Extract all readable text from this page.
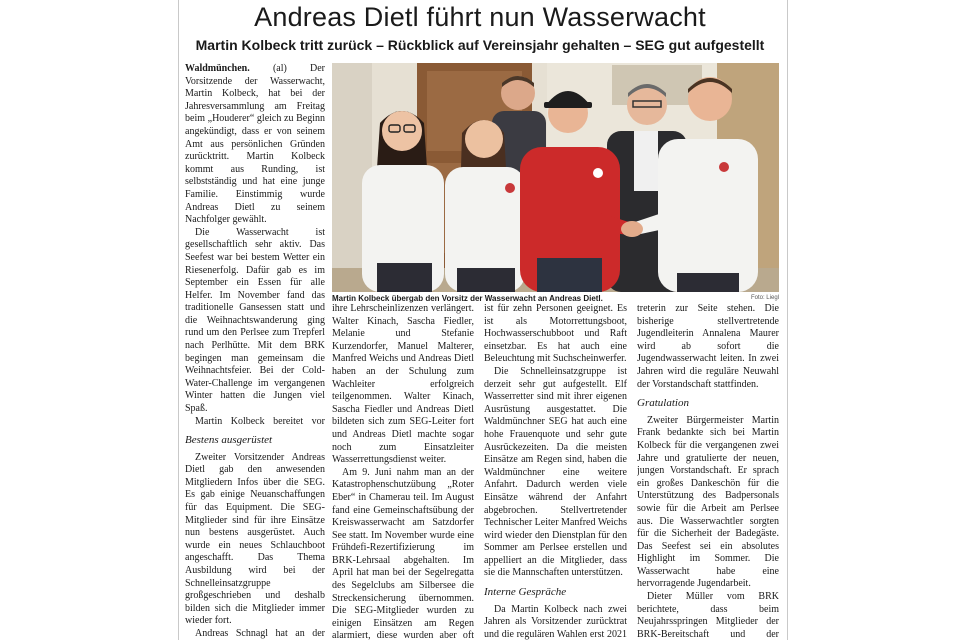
Andreas Dietl führt nun Wasserwacht
Martin Kolbeck tritt zurück – Rückblick auf Vereinsjahr gehalten – SEG gut aufgestellt

Waldmünchen. (al) Der Vorsitzende der Wasserwacht, Martin Kolbeck, hat bei der Jahresversammlung am Freitag beim „Houderer“ gleich zu Beginn angekündigt, dass er von seinem Amt aus persönlichen Gründen zurücktritt. Martin Kolbeck kommt aus Runding, ist selbstständig und hat eine junge Familie. Einstimmig wurde Andreas Dietl zu seinem Nachfolger gewählt.

Die Wasserwacht ist gesellschaftlich sehr aktiv. Das Seefest war bei bestem Wetter ein Riesenerfolg. Dafür gab es im September ein Essen für alle Helfer. Im November fand das traditionelle Gansessen statt und die Weihnachtswanderung ging rund um den Perlsee zum Trepferl nach Perlhütte. Mit dem BRK begingen man gemeinsam die Weihnachtsfeier. Bei der Cold-Water-Challenge im vergangenen Winter hatten die Jungen viel Spaß.

Martin Kolbeck bereitet vor

Bestens ausgerüstet

Zweiter Vorsitzender Andreas Dietl gab den anwesenden Mitgliedern Infos über die SEG. Es gab einige Neuanschaffungen für das Equipment. Die SEG-Mitglieder sind für ihre Einsätze nun bestens ausgerüstet. Auch wurde ein neues Schlauchboot angeschafft. Das Thema Ausbildung wird bei der Schnelleinsatzgruppe großgeschrieben und deshalb bilden sich die Mitglieder immer wieder fort.

Andreas Schnagl hat an der

Martin Kolbeck übergab den Vorsitz der Wasserwacht an Andreas Dietl.	Foto: Liegl

ihre Lehrscheinlizenzen verlängert. Walter Kinach, Sascha Fiedler, Melanie und Stefanie Kurzendorfer, Manuel Malterer, Manfred Weichs und Andreas Dietl haben an der Schulung zum Wachleiter erfolgreich teilgenommen. Walter Kinach, Sascha Fiedler und Andreas Dietl bildeten sich zum SEG-Leiter fort und Andreas Dietl machte sogar noch zum Einsatzleiter Wasserrettungsdienst weiter.

Am 9. Juni nahm man an der Katastrophenschutzübung „Roter Eber“ in Chamerau teil. Im August fand eine Gemeinschaftsübung der Kreiswasserwacht am Satzdorfer See statt. Im November wurde eine Frühdefi-Rezertifizierung im BRK-Lehrsaal abgehalten. Im April hat man bei der Segelregatta des Segelclubs am Silbersee die Streckensicherung übernommen. Die SEG-Mitglieder wurden zu einigen Einsätzen am Regen alarmiert, diese wurden aber oft

ist für zehn Personen geeignet. Es ist als Motorrettungsboot, Hochwasserschubboot und Raft einsetzbar. Es hat auch eine Beleuchtung mit Suchscheinwerfer.

Die Schnelleinsatzgruppe ist derzeit sehr gut aufgestellt. Elf Wasserretter sind mit ihrer eigenen Ausrüstung ausgestattet. Die Waldmünchner SEG hat auch eine hohe Frauenquote und sehr gute Ausrückezeiten. Da die meisten Einsätze am Regen sind, haben die Waldmünchner eine weitere Anfahrt. Dadurch werden viele Einsätze während der Anfahrt abgebrochen. Stellvertretender Technischer Leiter Manfred Weichs wird wieder den Dienstplan für den Sommer am Perlsee erstellen und appelliert an die Mitglieder, dass sie die Mannschaften unterstützen.

Interne Gespräche

Da Martin Kolbeck nach zwei Jahren als Vorsitzender zurücktrat und die regulären Wahlen erst 2021

treterin zur Seite stehen. Die bisherige stellvertretende Jugendleiterin Annalena Maurer wird ab sofort die Jugendwasserwacht leiten. In zwei Jahren wird die reguläre Neuwahl der Vorstandschaft stattfinden.

Gratulation

Zweiter Bürgermeister Martin Frank bedankte sich bei Martin Kolbeck für die vergangenen zwei Jahre und gratulierte der neuen, jungen Vorstandschaft. Er sprach ein großes Dankeschön für die Unterstützung des Badpersonals sowie für die Arbeit am Perlsee aus. Die Wasserwachtler sorgten für die Sicherheit der Badegäste. Das Seefest sei ein absolutes Highlight im Sommer. Die Wasserwacht habe eine hervorragende Jugendarbeit.

Dieter Müller vom BRK berichtete, dass beim Neujahrsspringen Mitglieder der BRK-Bereitschaft und der
